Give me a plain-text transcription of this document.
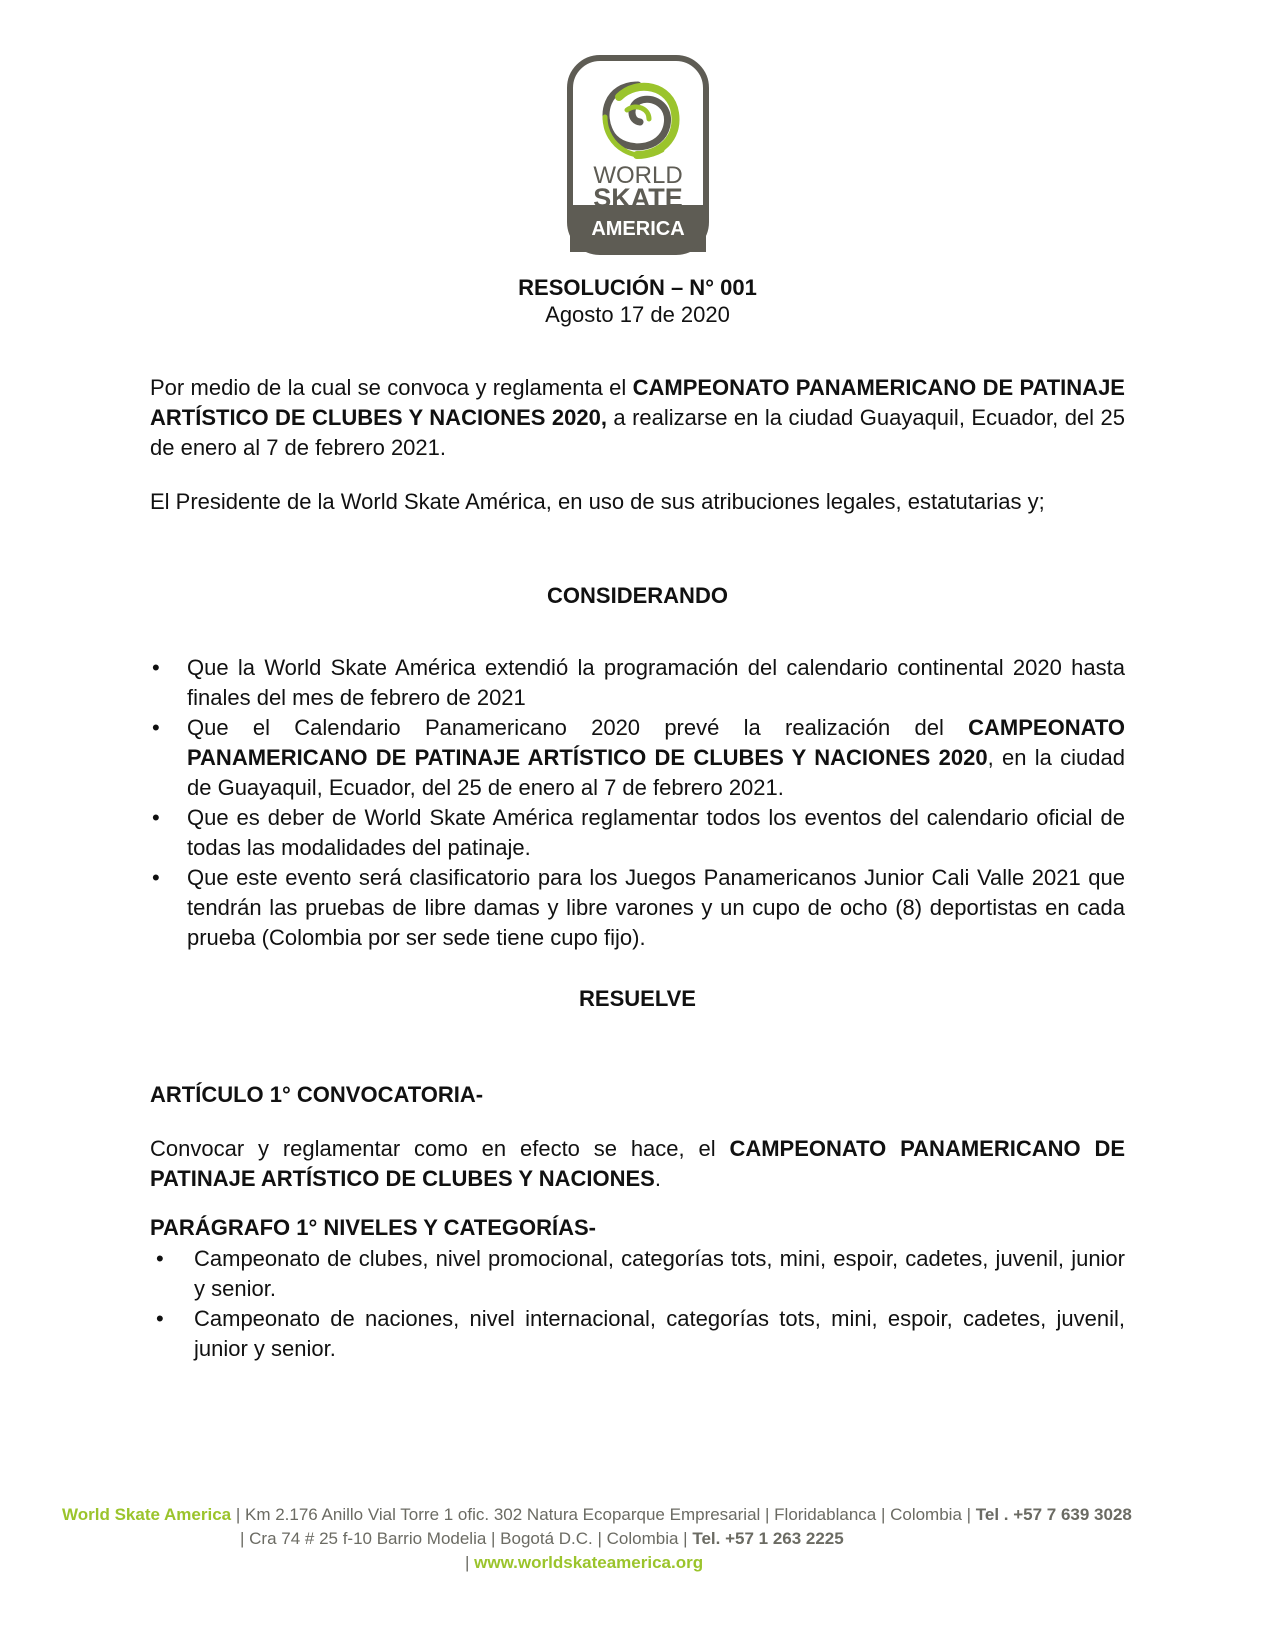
WORLD
SKATE
AMERICA
RESOLUCIÓN – N° 001
Agosto 17 de 2020
Por medio de la cual se convoca y reglamenta el CAMPEONATO PANAMERICANO DE PATINAJE ARTÍSTICO DE CLUBES Y NACIONES 2020, a realizarse en la ciudad Guayaquil, Ecuador, del 25 de enero al 7 de febrero 2021.
El Presidente de la World Skate América, en uso de sus atribuciones legales, estatutarias y;
CONSIDERANDO
• Que la World Skate América extendió la programación del calendario continental 2020 hasta finales del mes de febrero de 2021
• Que el Calendario Panamericano 2020 prevé la realización del CAMPEONATO PANAMERICANO DE PATINAJE ARTÍSTICO DE CLUBES Y NACIONES 2020, en la ciudad de Guayaquil, Ecuador, del 25 de enero al 7 de febrero 2021.
• Que es deber de World Skate América reglamentar todos los eventos del calendario oficial de todas las modalidades del patinaje.
• Que este evento será clasificatorio para los Juegos Panamericanos Junior Cali Valle 2021 que tendrán las pruebas de libre damas y libre varones y un cupo de ocho (8) deportistas en cada prueba (Colombia por ser sede tiene cupo fijo).
RESUELVE
ARTÍCULO 1° CONVOCATORIA-
Convocar y reglamentar como en efecto se hace, el CAMPEONATO PANAMERICANO DE PATINAJE ARTÍSTICO DE CLUBES Y NACIONES.
PARÁGRAFO 1° NIVELES Y CATEGORÍAS-
• Campeonato de clubes, nivel promocional, categorías tots, mini, espoir, cadetes, juvenil, junior y senior.
• Campeonato de naciones, nivel internacional, categorías tots, mini, espoir, cadetes, juvenil, junior y senior.
World Skate America | Km 2.176 Anillo Vial Torre 1 ofic. 302 Natura Ecoparque Empresarial | Floridablanca | Colombia | Tel . +57 7 639 3028
| Cra 74 # 25 f-10 Barrio Modelia | Bogotá D.C. | Colombia | Tel. +57 1 263 2225
| www.worldskateamerica.org
